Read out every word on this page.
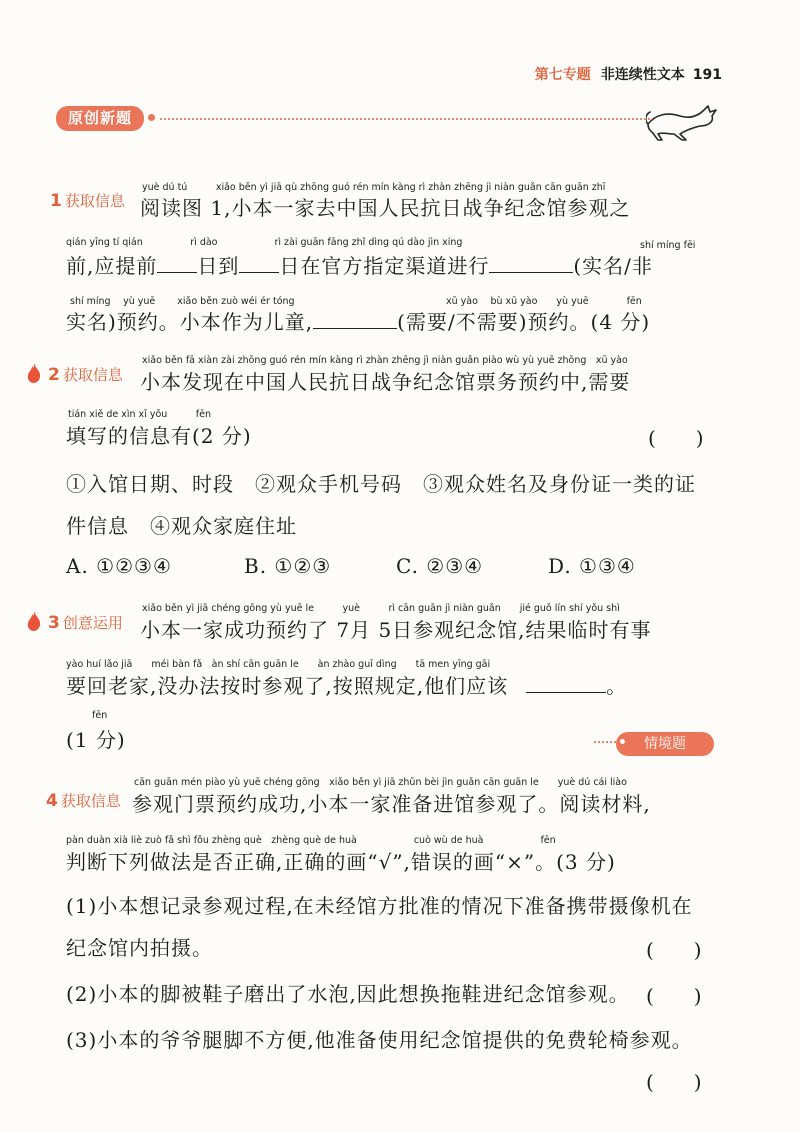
第七专题 非连续性文本 191
原创新题
1 获取信息
yuè dú tú　　　xiǎo běn yì jiā qù zhōng guó rén mín kàng rì zhàn zhēng jì niàn guǎn cān guān zhī
阅读图 1,小本一家去中国人民抗日战争纪念馆参观之
qián yīng tí qián　　　　　rì dào　　　　　　rì zài guān fāng zhǐ dìng qú dào jìn xíng	shí míng fēi
前,应提前 日到 日在官方指定渠道进行	(实名/非
shí míng　 yù yuē　　 xiǎo běn zuò wéi ér tóng	xū yào　 bù xū yào　　yù yuē　　　　fēn
实名)预约。小本作为儿童,	(需要/不需要)预约。(4 分)
2 获取信息
xiǎo běn fā xiàn zài zhōng guó rén mín kàng rì zhàn zhēng jì niàn guǎn piào wù yù yuē zhōng　xū yào
小本发现在中国人民抗日战争纪念馆票务预约中,需要
tián xiě de xìn xī yǒu　　　fēn
填写的信息有(2 分)	(　　)
①入馆日期、时段　②观众手机号码　③观众姓名及身份证一类的证
件信息　④观众家庭住址
A. ①②③④	B. ①②③	C. ②③④	D. ①③④
3 创意运用
xiǎo běn yì jiā chéng gōng yù yuē le　　　yuè　　　rì cān guān jì niàn guǎn　　jié guǒ lín shí yǒu shì
小本一家成功预约了 7月 5日参观纪念馆,结果临时有事
yào huí lǎo jiā　　méi bàn fǎ　àn shí cān guān le　　àn zhào guī dìng　　tā men yīng gāi
要回老家,没办法按时参观了,按照规定,他们应该	。
fēn
(1 分)	情境题
4 获取信息
cān guān mén piào yù yuē chéng gōng　xiǎo běn yì jiā zhǔn bèi jìn guǎn cān guān le　　yuè dú cái liào
参观门票预约成功,小本一家准备进馆参观了。阅读材料,
pàn duàn xià liè zuò fǎ shì fǒu zhèng què　zhèng què de huà　　　　　　cuò wù de huà　　　　　　fēn
判断下列做法是否正确,正确的画“√”,错误的画“×”。(3 分)
(1)小本想记录参观过程,在未经馆方批准的情况下准备携带摄像机在
纪念馆内拍摄。	(　　)
(2)小本的脚被鞋子磨出了水泡,因此想换拖鞋进纪念馆参观。 (　　)
(3)小本的爷爷腿脚不方便,他准备使用纪念馆提供的免费轮椅参观。
(　　)
